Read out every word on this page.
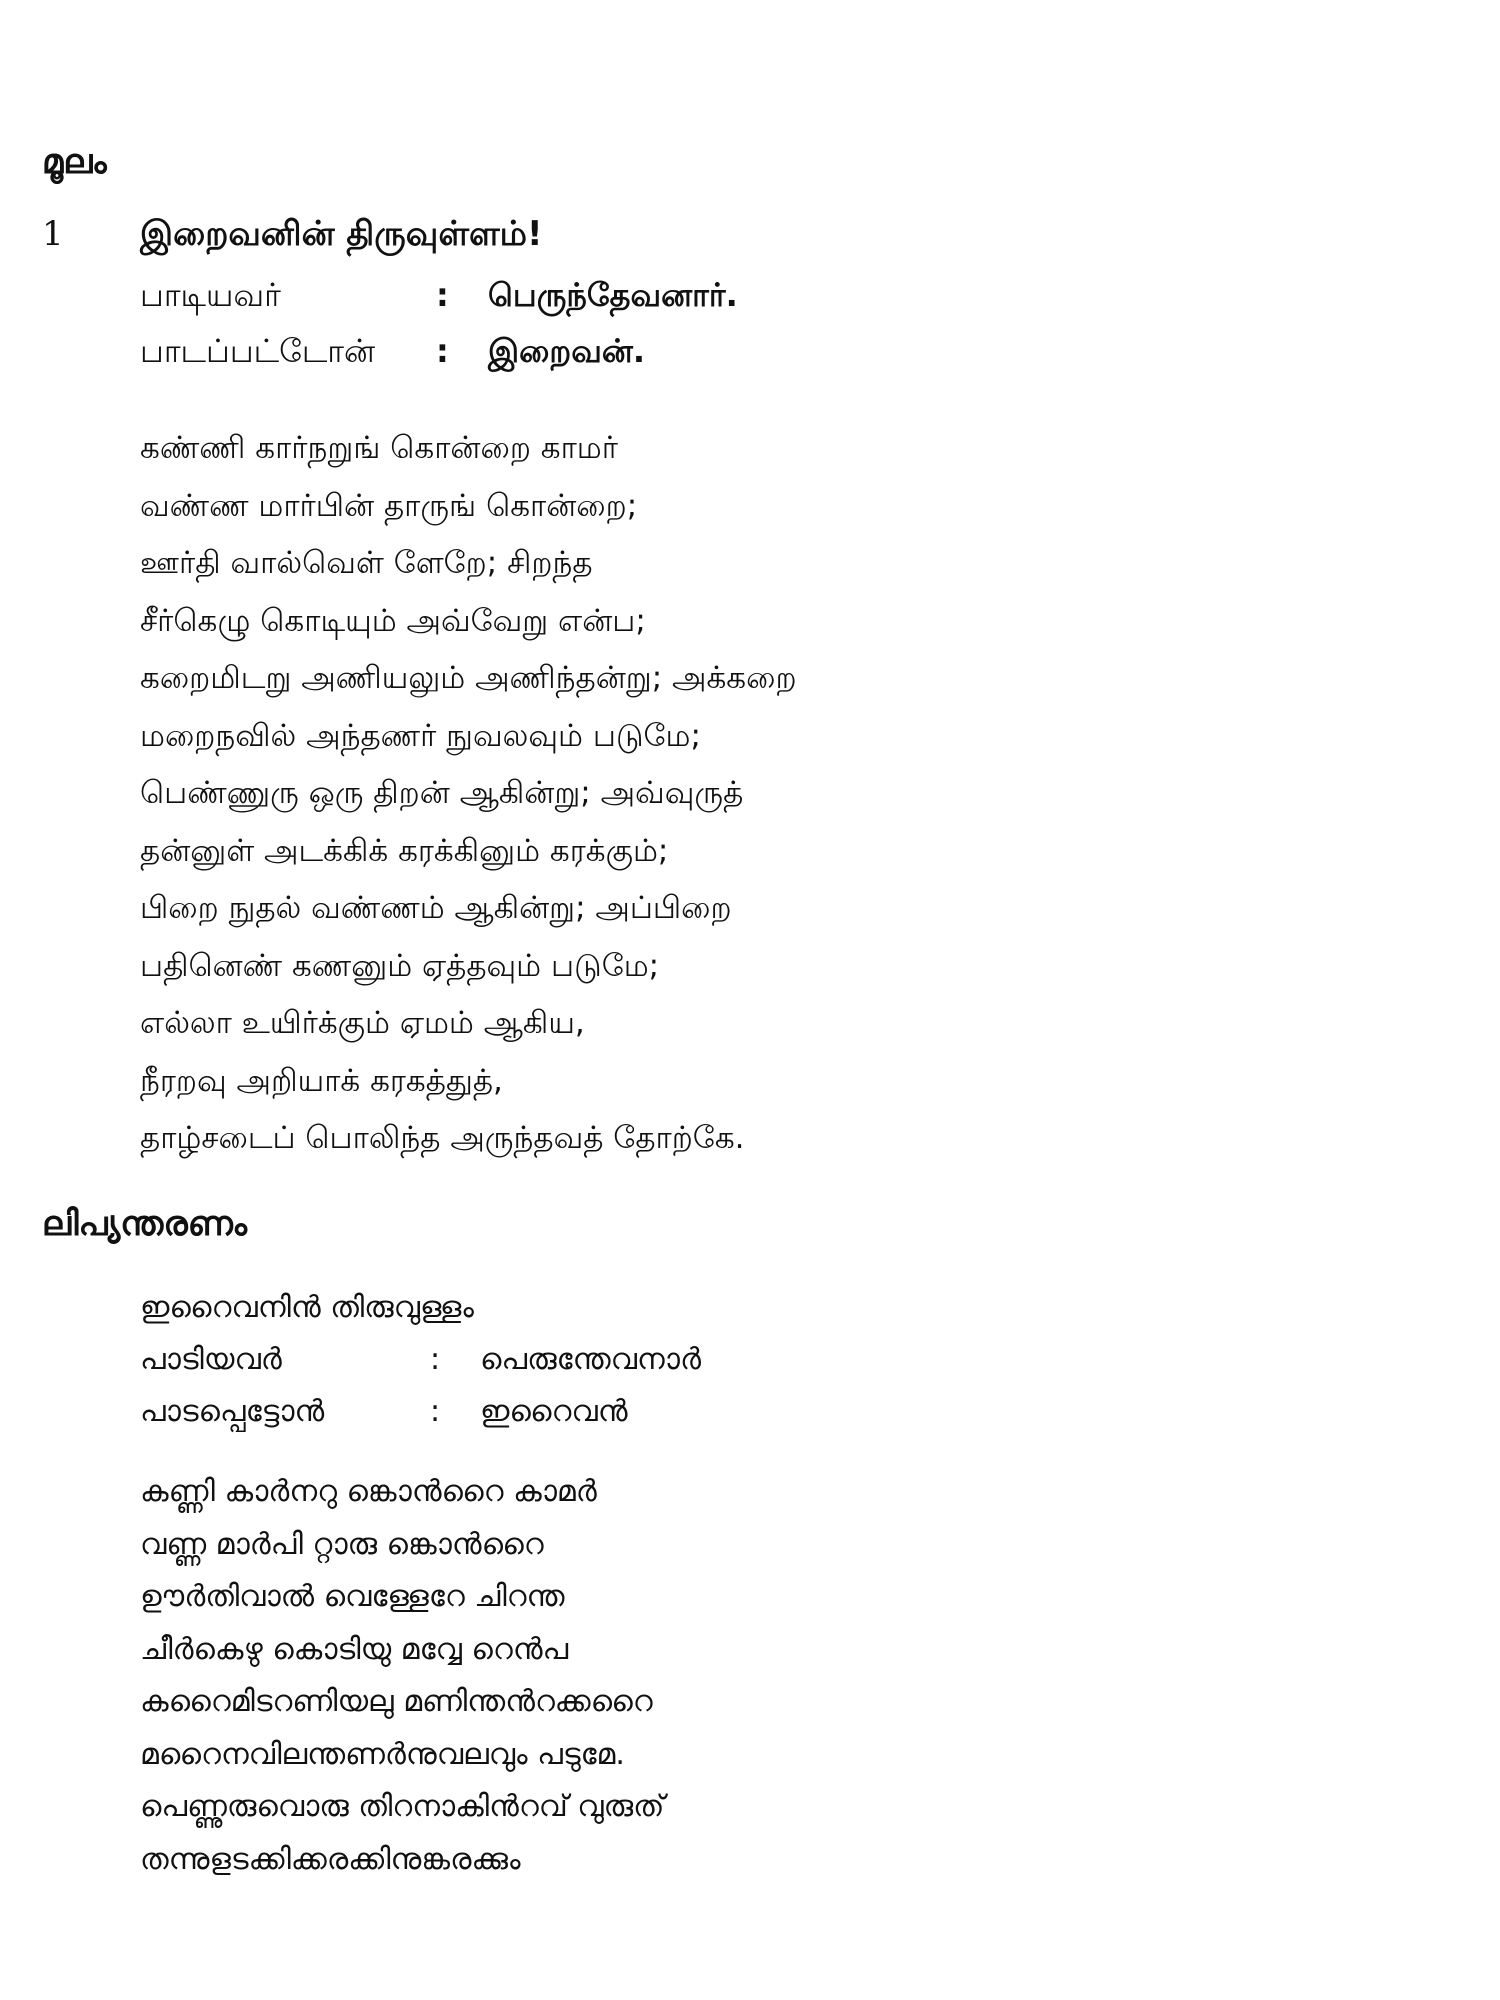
മൂലം
1 இறைவனின் திருவுள்ளம்!
பாடியவர்	: பெருந்தேவனார்.
பாடப்பட்டோன் : இறைவன்.
கண்ணி கார்நறுங் கொன்றை காமர்
வண்ண மார்பின் தாருங் கொன்றை;
ஊர்தி வால்வெள் ளேறே; சிறந்த
சீர்கெழு கொடியும் அவ்வேறு என்ப;
கறைமிடறு அணியலும் அணிந்தன்று; அக்கறை
மறைநவில் அந்தணர் நுவலவும் படுமே;
பெண்ணுரு ஒரு திறன் ஆகின்று; அவ்வுருத்
தன்னுள் அடக்கிக் கரக்கினும் கரக்கும்;
பிறை நுதல் வண்ணம் ஆகின்று; அப்பிறை
பதினெண் கணனும் ஏத்தவும் படுமே;
எல்லா உயிர்க்கும் ஏமம் ஆகிய,
நீரறவு அறியாக் கரகத்துத்,
தாழ்சடைப் பொலிந்த அருந்தவத் தோற்கே.
ലിപ്യന്തരണം
ഇറൈവനിൻ തിരുവുള്ളം
പാടിയവർ	: പെരുന്തേവനാർ
പാടപ്പെട്ടോൻ	: ഇറൈവൻ
കണ്ണി കാർനറു ങ്കൊൻറൈ കാമർ
വണ്ണ മാർപി റ്റാരു ങ്കൊൻറൈ
ഊർതിവാൽ വെള്ളേറേ ചിറന്ത
ചീർകെഴു കൊടിയു മവ്വേ റെൻപ
കറൈമിടറണിയലു മണിന്തൻറക്കറൈ
മറൈനവിലന്തണർനുവലവും പടുമേ.
പെണ്ണുരുവൊരു തിറനാകിൻറവ് വുരുത്
തന്നുളടക്കിക്കരക്കിനുങ്കരക്കും
